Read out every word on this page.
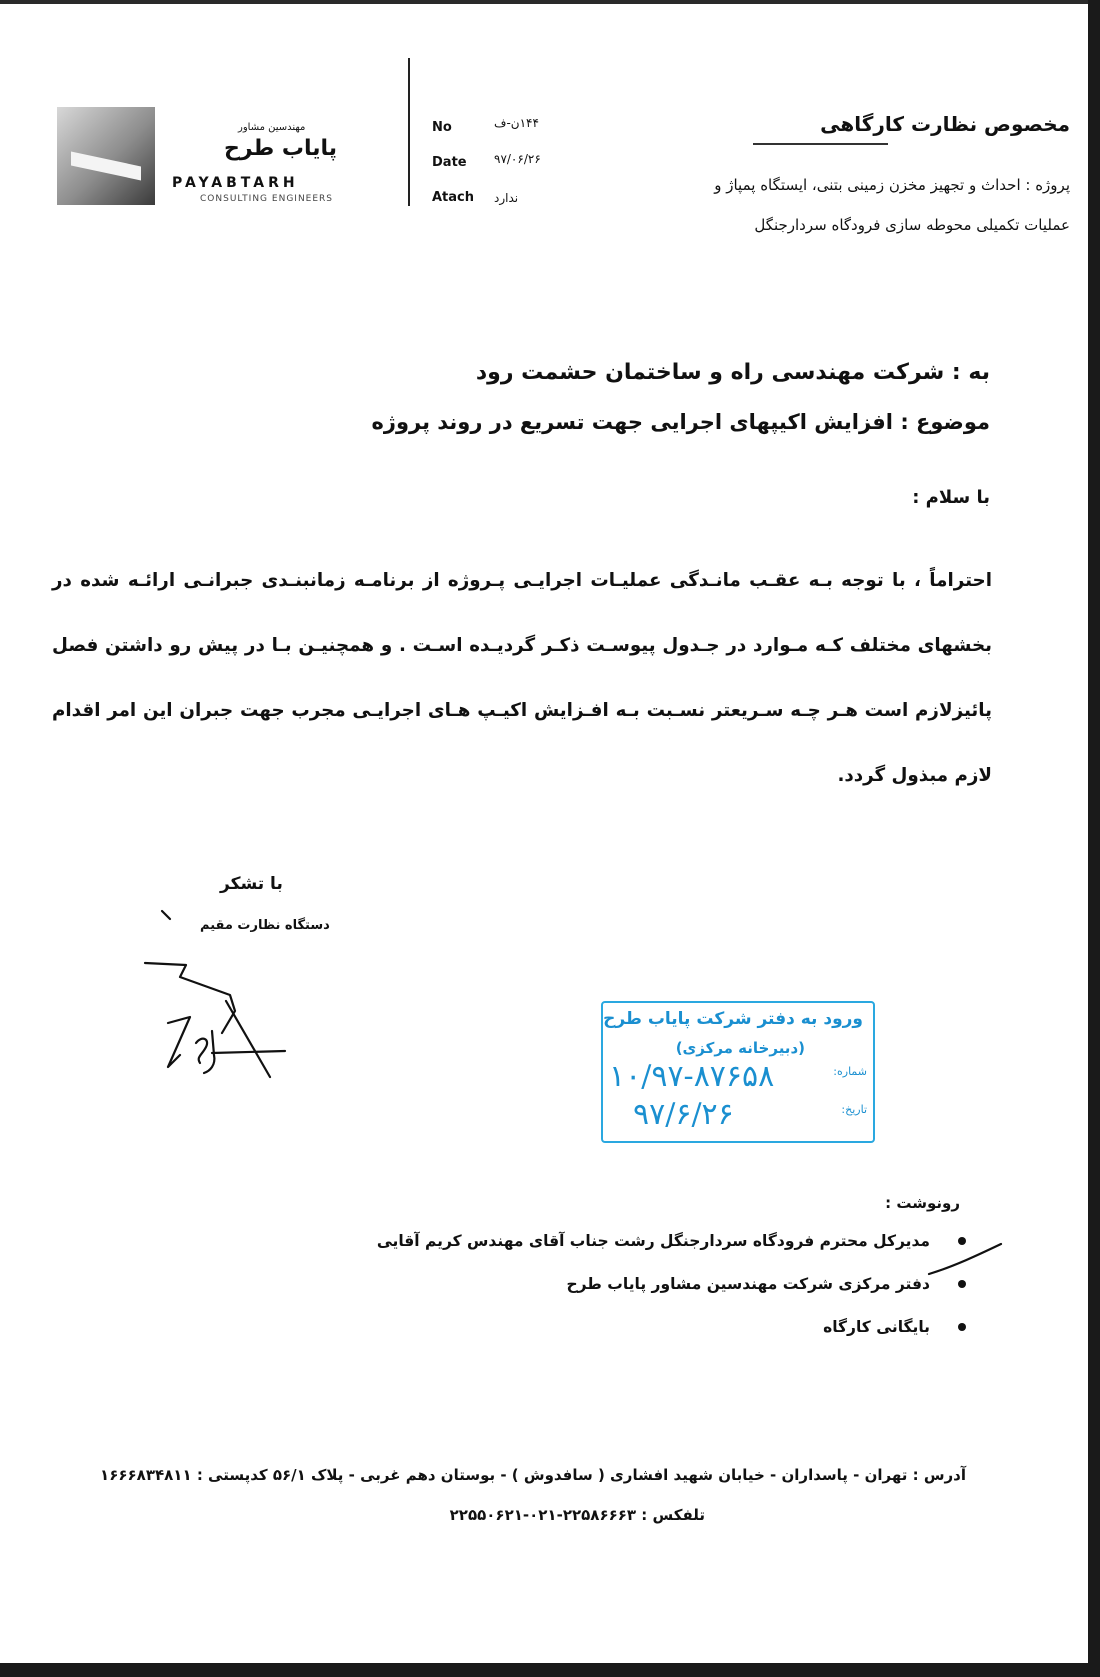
مهندسین مشاور
پایاب طرح
PAYABTARH
CONSULTING ENGINEERS
No	۱۴۴ن-ف
Date ۹۷/۰۶/۲۶
Atach ندارد
مخصوص نظارت کارگاهی
پروژه : احداث و تجهیز مخزن زمینی بتنی، ایستگاه پمپاژ و
عملیات تکمیلی محوطه سازی فرودگاه سردارجنگل
به : شرکت مهندسی راه و ساختمان حشمت رود
موضوع : افزایش اکیپهای اجرایی جهت تسریع در روند پروژه
با سلام :
احتراماً ، با توجه بـه عقـب مانـدگی عملیـات اجرایـی پـروژه از برنامـه زمانبنـدی جبرانـی ارائـه شده در بخشهای مختلف کـه مـوارد در جـدول پیوسـت ذکـر گردیـده اسـت . و همچنیـن بـا در پیش رو داشتن فصل پائیزلازم است هـر چـه سـریعتر نسـبت بـه افـزایش اکیـپ هـای اجرایـی مجرب جهت جبران این امر اقدام لازم مبذول گردد.
با تشکر
دستگاه نظارت مقیم
ورود به دفتر شرکت پایاب طرح
(دبیرخانه مرکزی)
شماره:
۱۰/۹۷-۸۷۶۵۸
تاریخ:
۹۷/۶/۲۶
رونوشت :
مدیرکل محترم فرودگاه سردارجنگل رشت جناب آقای مهندس کریم آقایی
دفتر مرکزی شرکت مهندسین مشاور پایاب طرح
بایگانی کارگاه
آدرس : تهران - پاسداران - خیابان شهید افشاری ( سافدوش ) - بوستان دهم غربی - پلاک ۵۶/۱ کدپستی : ۱۶۶۶۸۳۴۸۱۱
تلفکس : ۲۲۵۸۶۶۶۳-۰۲۱-۲۲۵۵۰۶۲۱
